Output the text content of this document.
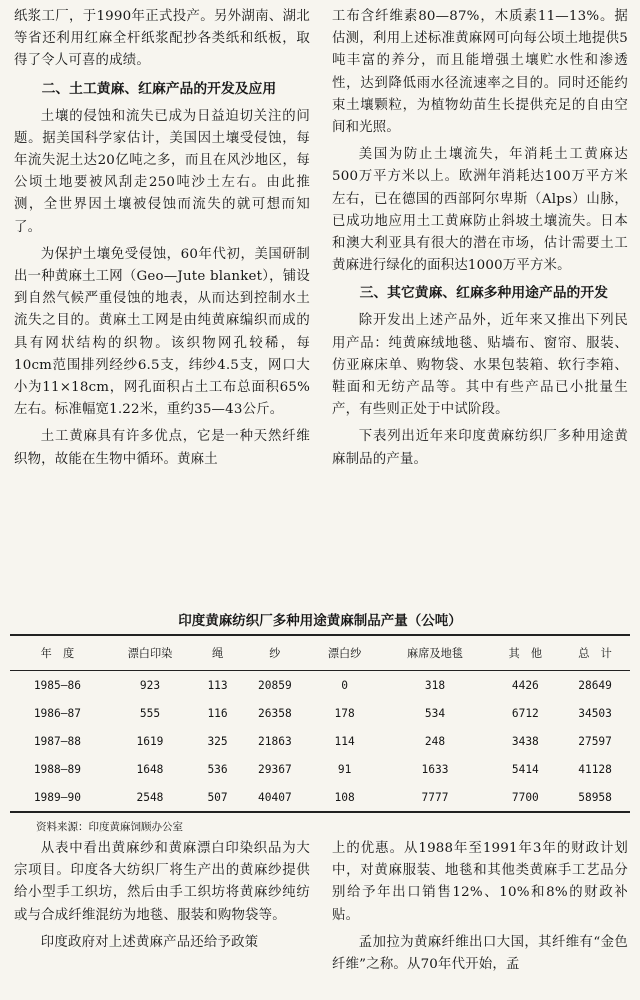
纸浆工厂，于1990年正式投产。另外湖南、湖北等省还利用红麻全杆纸浆配抄各类纸和纸板，取得了令人可喜的成绩。

二、土工黄麻、红麻产品的开发及应用

土壤的侵蚀和流失已成为日益迫切关注的问题。据美国科学家估计，美国因土壤受侵蚀，每年流失泥土达20亿吨之多，而且在风沙地区，每公顷土地要被风刮走250吨沙土左右。由此推测，全世界因土壤被侵蚀而流失的就可想而知了。

为保护土壤免受侵蚀，60年代初，美国研制出一种黄麻土工网（Geo—Jute blanket），铺设到自然气候严重侵蚀的地表，从而达到控制水土流失之目的。黄麻土工网是由纯黄麻编织而成的具有网状结构的织物。该织物网孔较稀，每10cm范围排列经纱6.5支，纬纱4.5支，网口大小为11×18cm，网孔面积占土工布总面积65%左右。标准幅宽1.22米，重约35—43公斤。

土工黄麻具有许多优点，它是一种天然纤维织物，故能在生物中循环。黄麻土

工布含纤维素80—87%，木质素11—13%。据估测，利用上述标准黄麻网可向每公顷土地提供5吨丰富的养分，而且能增强土壤贮水性和渗透性，达到降低雨水径流速率之目的。同时还能约束土壤颗粒，为植物幼苗生长提供充足的自由空间和光照。

美国为防止土壤流失，年消耗土工黄麻达500万平方米以上。欧洲年消耗达100万平方米左右，已在德国的西部阿尔卑斯（Alps）山脉，已成功地应用土工黄麻防止斜坡土壤流失。日本和澳大利亚具有很大的潜在市场，估计需要土工黄麻进行绿化的面积达1000万平方米。

三、其它黄麻、红麻多种用途产品的开发

除开发出上述产品外，近年来又推出下列民用产品：纯黄麻绒地毯、贴墙布、窗帘、服装、仿亚麻床单、购物袋、水果包装箱、软行李箱、鞋面和无纺产品等。其中有些产品已小批量生产，有些则正处于中试阶段。

下表列出近年来印度黄麻纺织厂多种用途黄麻制品的产量。

印度黄麻纺织厂多种用途黄麻制品产量（公吨）
年　度	漂白印染	绳	纱	漂白纱	麻席及地毯	其　他	总　计
1985—86	923	113	20859	0	318	4426	28649
1986—87	555	116	26358	178	534	6712	34503
1987—88	1619	325	21863	114	248	3438	27597
1988—89	1648	536	29367	91	1633	5414	41128
1989—90	2548	507	40407	108	7777	7700	58958
资料来源：印度黄麻饲顾办公室

从表中看出黄麻纱和黄麻漂白印染织品为大宗项目。印度各大纺织厂将生产出的黄麻纱提供给小型手工织坊，然后由手工织坊将黄麻纱纯纺或与合成纤维混纺为地毯、服装和购物袋等。

印度政府对上述黄麻产品还给予政策

上的优惠。从1988年至1991年3年的财政计划中，对黄麻服装、地毯和其他类黄麻手工艺品分别给予年出口销售12%、10%和8%的财政补贴。

孟加拉为黄麻纤维出口大国，其纤维有“金色纤维”之称。从70年代开始，孟
